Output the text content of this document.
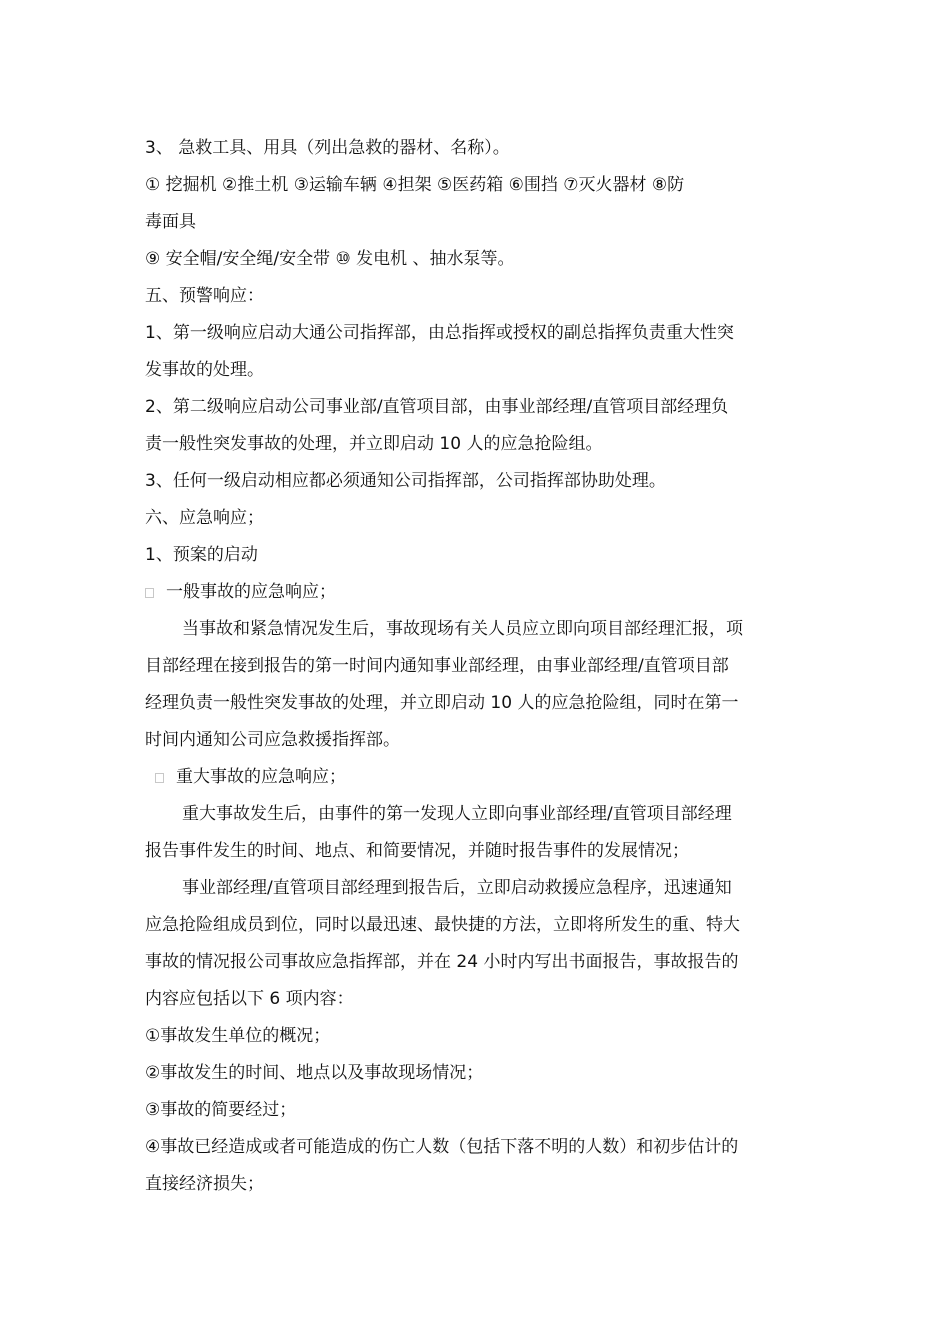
3、 急救工具、用具（列出急救的器材、名称）。
① 挖掘机 ②推土机 ③运输车辆 ④担架 ⑤医药箱 ⑥围挡 ⑦灭火器材 ⑧防
毒面具
⑨ 安全帽/安全绳/安全带 ⑩ 发电机 、抽水泵等。
五、预警响应：
1、第一级响应启动大通公司指挥部，由总指挥或授权的副总指挥负责重大性突
发事故的处理。
2、第二级响应启动公司事业部/直管项目部，由事业部经理/直管项目部经理负
责一般性突发事故的处理，并立即启动 10 人的应急抢险组。
3、任何一级启动相应都必须通知公司指挥部，公司指挥部协助处理。
六、应急响应；
1、预案的启动
一般事故的应急响应；
当事故和紧急情况发生后，事故现场有关人员应立即向项目部经理汇报，项
目部经理在接到报告的第一时间内通知事业部经理，由事业部经理/直管项目部
经理负责一般性突发事故的处理，并立即启动 10 人的应急抢险组，同时在第一
时间内通知公司应急救援指挥部。
重大事故的应急响应；
重大事故发生后，由事件的第一发现人立即向事业部经理/直管项目部经理
报告事件发生的时间、地点、和简要情况，并随时报告事件的发展情况；
事业部经理/直管项目部经理到报告后，立即启动救援应急程序，迅速通知
应急抢险组成员到位，同时以最迅速、最快捷的方法，立即将所发生的重、特大
事故的情况报公司事故应急指挥部，并在 24 小时内写出书面报告，事故报告的
内容应包括以下 6 项内容：
①事故发生单位的概况；
②事故发生的时间、地点以及事故现场情况；
③事故的简要经过；
④事故已经造成或者可能造成的伤亡人数（包括下落不明的人数）和初步估计的
直接经济损失；
